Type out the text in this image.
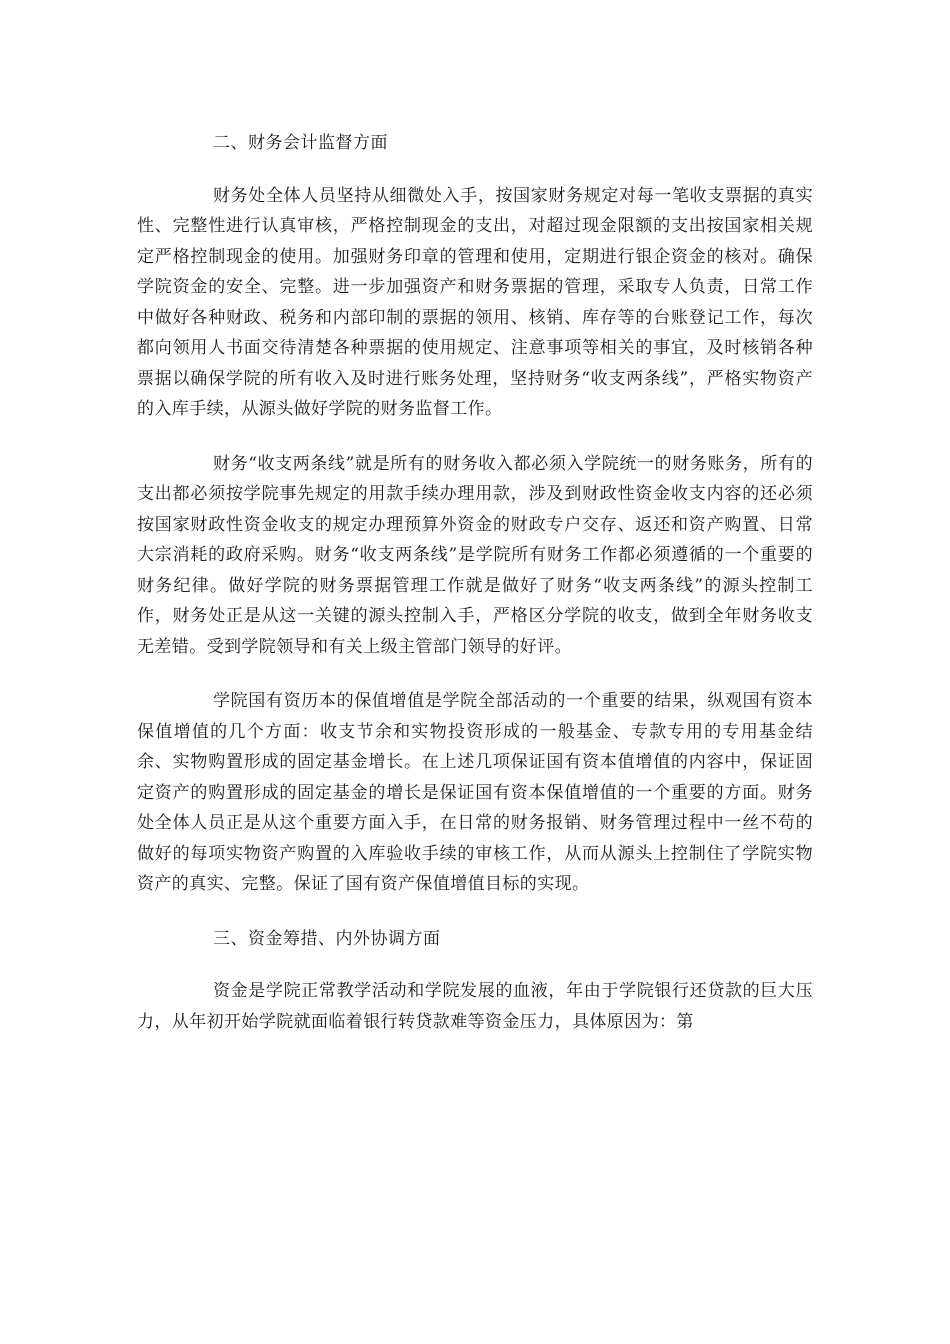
二、财务会计监督方面

财务处全体人员坚持从细微处入手，按国家财务规定对每一笔收支票据的真实性、完整性进行认真审核，严格控制现金的支出，对超过现金限额的支出按国家相关规定严格控制现金的使用。加强财务印章的管理和使用，定期进行银企资金的核对。确保学院资金的安全、完整。进一步加强资产和财务票据的管理，采取专人负责，日常工作中做好各种财政、税务和内部印制的票据的领用、核销、库存等的台账登记工作，每次都向领用人书面交待清楚各种票据的使用规定、注意事项等相关的事宜，及时核销各种票据以确保学院的所有收入及时进行账务处理，坚持财务“收支两条线”，严格实物资产的入库手续，从源头做好学院的财务监督工作。

财务“收支两条线”就是所有的财务收入都必须入学院统一的财务账务，所有的支出都必须按学院事先规定的用款手续办理用款，涉及到财政性资金收支内容的还必须按国家财政性资金收支的规定办理预算外资金的财政专户交存、返还和资产购置、日常大宗消耗的政府采购。财务“收支两条线”是学院所有财务工作都必须遵循的一个重要的财务纪律。做好学院的财务票据管理工作就是做好了财务“收支两条线”的源头控制工作，财务处正是从这一关键的源头控制入手，严格区分学院的收支，做到全年财务收支无差错。受到学院领导和有关上级主管部门领导的好评。

学院国有资历本的保值增值是学院全部活动的一个重要的结果，纵观国有资本保值增值的几个方面：收支节余和实物投资形成的一般基金、专款专用的专用基金结余、实物购置形成的固定基金增长。在上述几项保证国有资本值增值的内容中，保证固定资产的购置形成的固定基金的增长是保证国有资本保值增值的一个重要的方面。财务处全体人员正是从这个重要方面入手，在日常的财务报销、财务管理过程中一丝不苟的做好的每项实物资产购置的入库验收手续的审核工作，从而从源头上控制住了学院实物资产的真实、完整。保证了国有资产保值增值目标的实现。

三、资金筹措、内外协调方面

资金是学院正常教学活动和学院发展的血液，年由于学院银行还贷款的巨大压力，从年初开始学院就面临着银行转贷款难等资金压力，具体原因为：第
